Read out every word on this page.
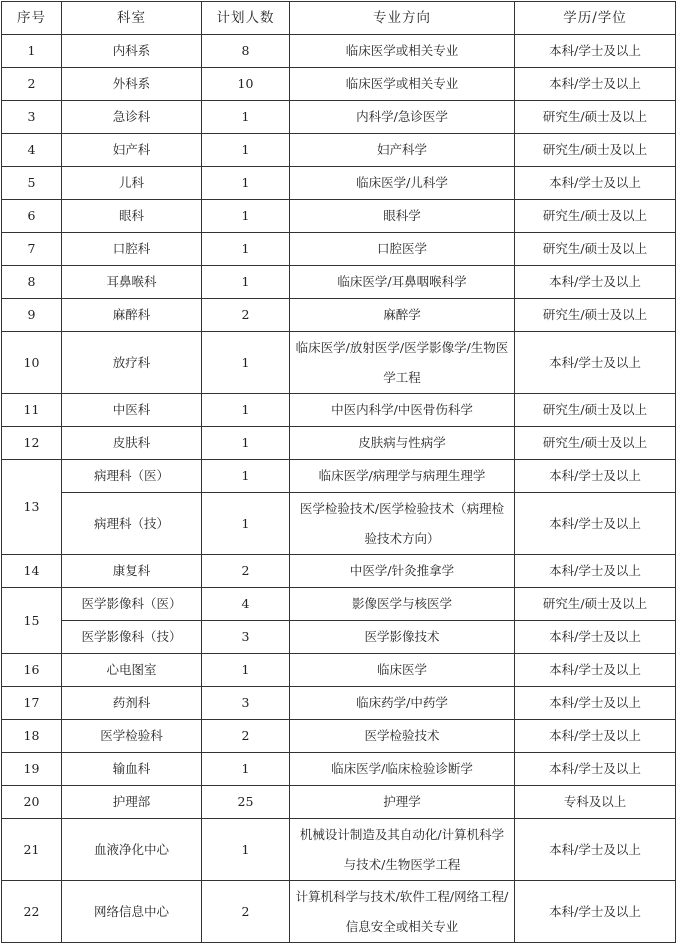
序号	科室	计划人数	专业方向	学历/学位
1	内科系	8	临床医学或相关专业	本科/学士及以上
2	外科系	10	临床医学或相关专业	本科/学士及以上
3	急诊科	1	内科学/急诊医学	研究生/硕士及以上
4	妇产科	1	妇产科学	研究生/硕士及以上
5	儿科	1	临床医学/儿科学	本科/学士及以上
6	眼科	1	眼科学	研究生/硕士及以上
7	口腔科	1	口腔医学	研究生/硕士及以上
8	耳鼻喉科	1	临床医学/耳鼻咽喉科学	本科/学士及以上
9	麻醉科	2	麻醉学	研究生/硕士及以上
10	放疗科	1	临床医学/放射医学/医学影像学/生物医学工程	本科/学士及以上
11	中医科	1	中医内科学/中医骨伤科学	研究生/硕士及以上
12	皮肤科	1	皮肤病与性病学	研究生/硕士及以上
13	病理科（医）	1	临床医学/病理学与病理生理学	本科/学士及以上
	病理科（技）	1	医学检验技术/医学检验技术（病理检验技术方向）	本科/学士及以上
14	康复科	2	中医学/针灸推拿学	本科/学士及以上
15	医学影像科（医）	4	影像医学与核医学	研究生/硕士及以上
	医学影像科（技）	3	医学影像技术	本科/学士及以上
16	心电图室	1	临床医学	本科/学士及以上
17	药剂科	3	临床药学/中药学	本科/学士及以上
18	医学检验科	2	医学检验技术	本科/学士及以上
19	输血科	1	临床医学/临床检验诊断学	本科/学士及以上
20	护理部	25	护理学	专科及以上
21	血液净化中心	1	机械设计制造及其自动化/计算机科学与技术/生物医学工程	本科/学士及以上
22	网络信息中心	2	计算机科学与技术/软件工程/网络工程/信息安全或相关专业	本科/学士及以上
